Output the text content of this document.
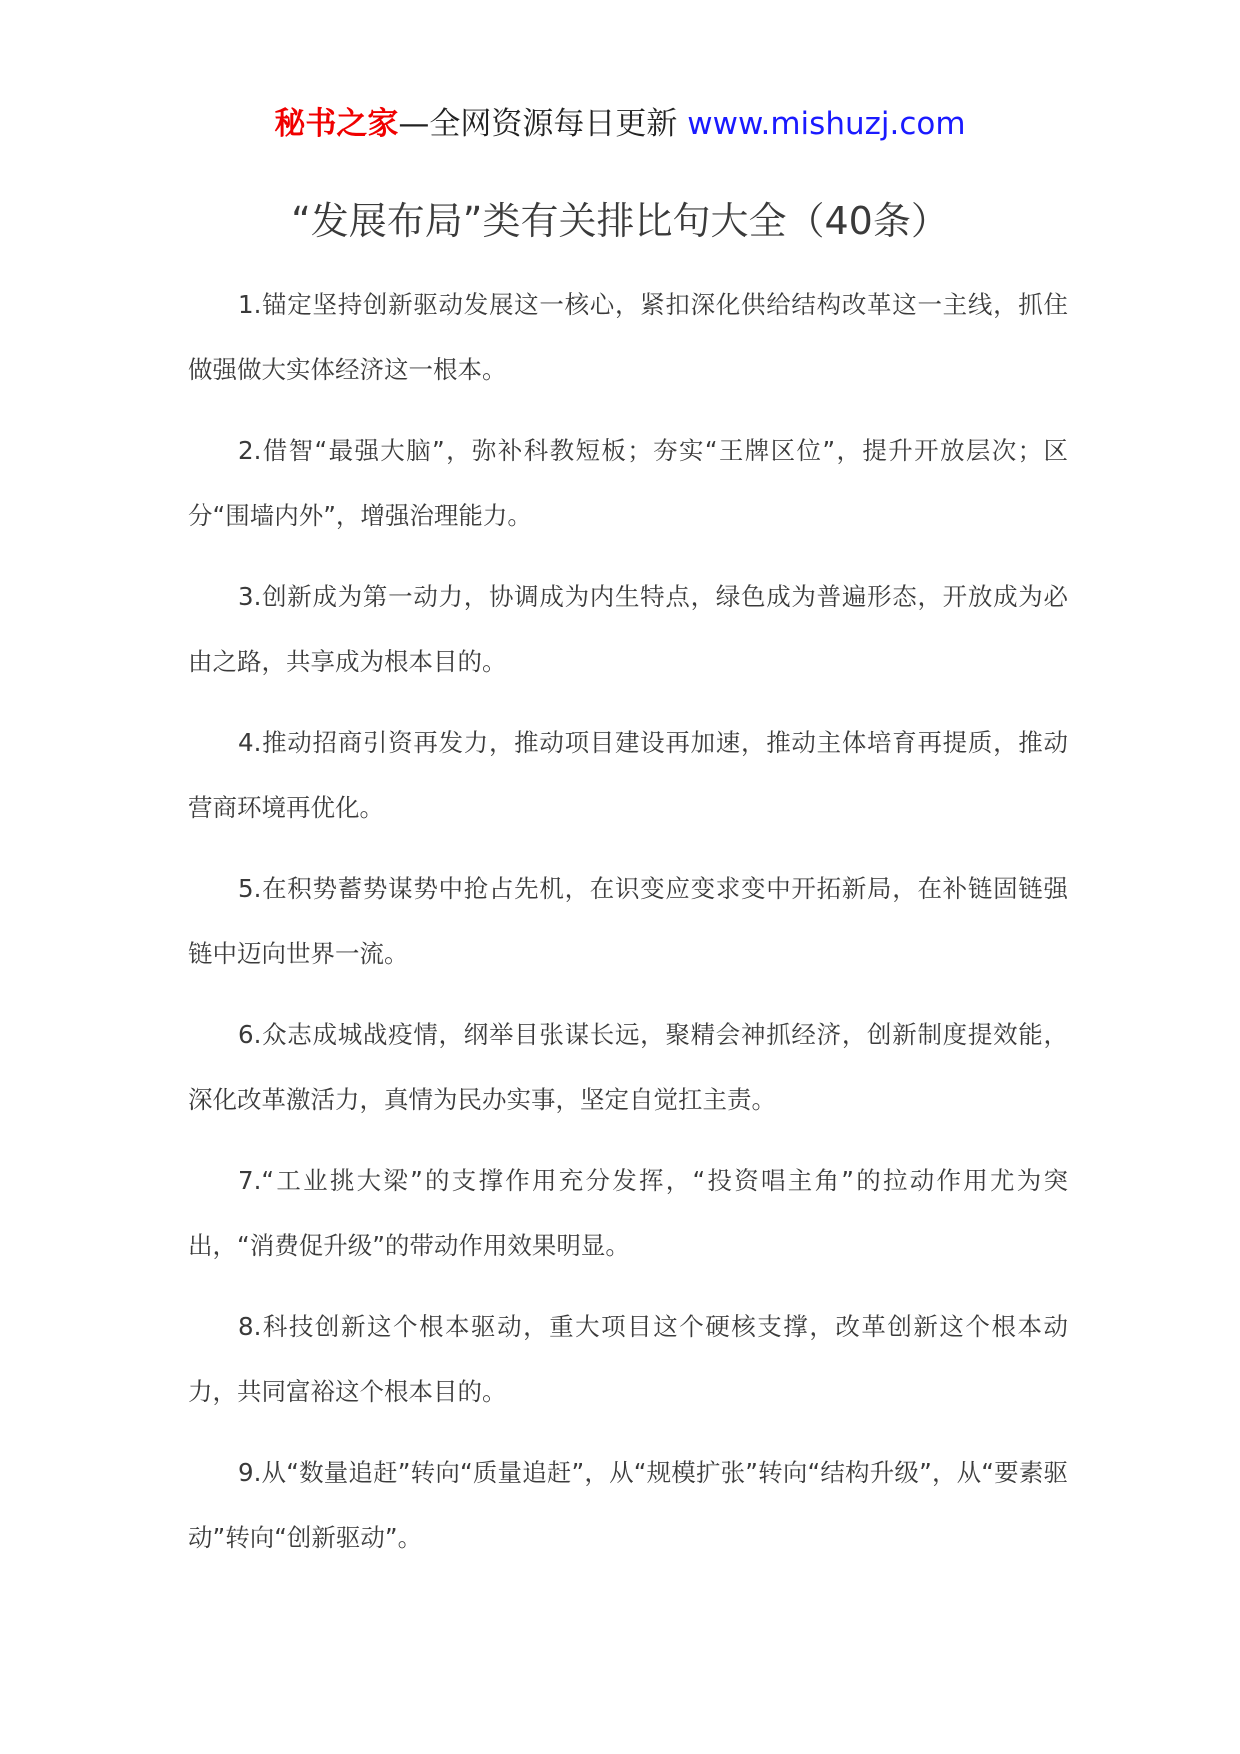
秘书之家—全网资源每日更新 www.mishuzj.com
“发展布局”类有关排比句大全（40条）

1.锚定坚持创新驱动发展这一核心，紧扣深化供给结构改革这一主线，抓住做强做大实体经济这一根本。

2.借智“最强大脑”，弥补科教短板；夯实“王牌区位”，提升开放层次；区分“围墙内外”，增强治理能力。

3.创新成为第一动力，协调成为内生特点，绿色成为普遍形态，开放成为必由之路，共享成为根本目的。

4.推动招商引资再发力，推动项目建设再加速，推动主体培育再提质，推动营商环境再优化。

5.在积势蓄势谋势中抢占先机，在识变应变求变中开拓新局，在补链固链强链中迈向世界一流。

6.众志成城战疫情，纲举目张谋长远，聚精会神抓经济，创新制度提效能，深化改革激活力，真情为民办实事，坚定自觉扛主责。

7.“工业挑大梁”的支撑作用充分发挥，“投资唱主角”的拉动作用尤为突出，“消费促升级”的带动作用效果明显。

8.科技创新这个根本驱动，重大项目这个硬核支撑，改革创新这个根本动力，共同富裕这个根本目的。

9.从“数量追赶”转向“质量追赶”，从“规模扩张”转向“结构升级”，从“要素驱动”转向“创新驱动”。
